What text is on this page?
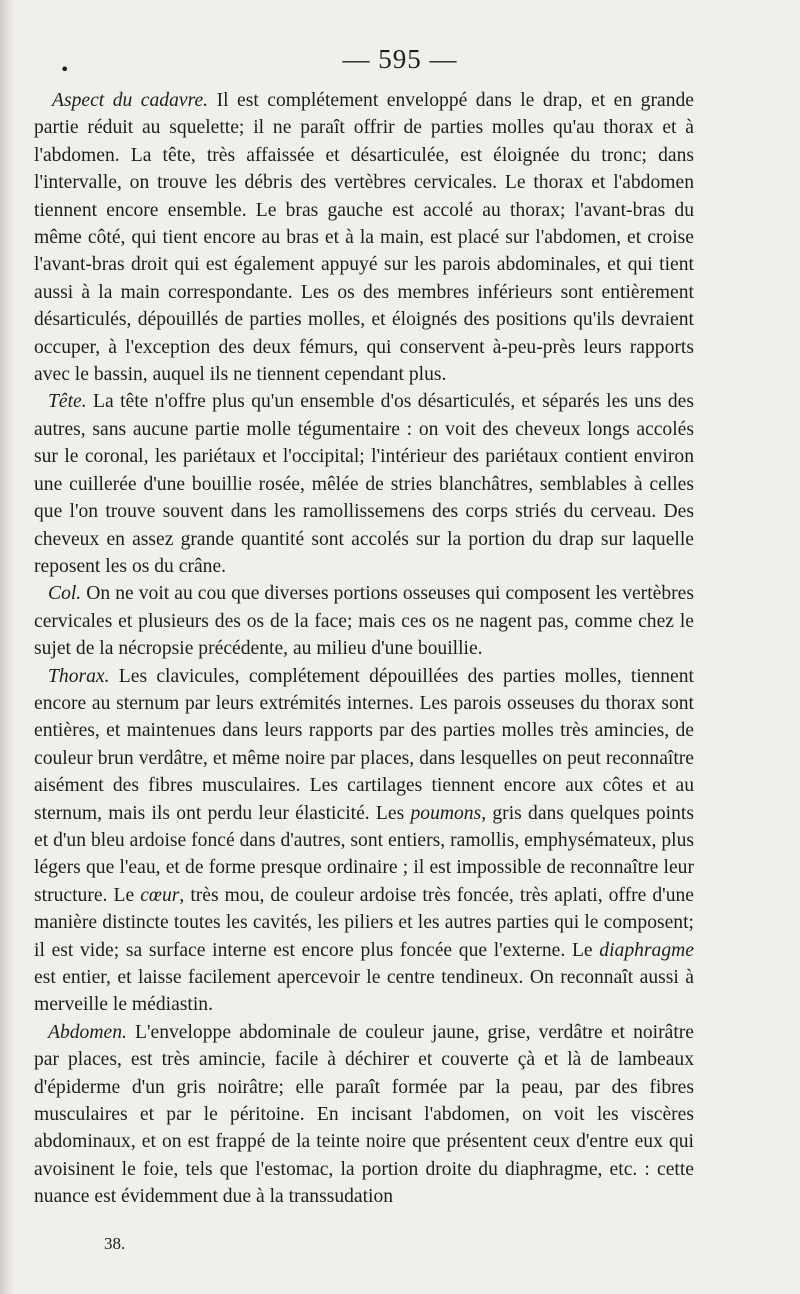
•	— 595 —

Aspect du cadavre. Il est complétement enveloppé dans le drap, et en grande partie réduit au squelette; il ne paraît offrir de parties molles qu'au thorax et à l'abdomen. La tête, très affaissée et désarticulée, est éloignée du tronc; dans l'intervalle, on trouve les débris des vertèbres cervicales. Le thorax et l'abdomen tiennent encore ensemble. Le bras gauche est accolé au thorax; l'avant-bras du même côté, qui tient encore au bras et à la main, est placé sur l'abdomen, et croise l'avant-bras droit qui est également appuyé sur les parois abdominales, et qui tient aussi à la main correspondante. Les os des membres inférieurs sont entièrement désarticulés, dépouillés de parties molles, et éloignés des positions qu'ils devraient occuper, à l'exception des deux fémurs, qui conservent à-peu-près leurs rapports avec le bassin, auquel ils ne tiennent cependant plus.

Tête. La tête n'offre plus qu'un ensemble d'os désarticulés, et séparés les uns des autres, sans aucune partie molle tégumentaire : on voit des cheveux longs accolés sur le coronal, les pariétaux et l'occipital; l'intérieur des pariétaux contient environ une cuillerée d'une bouillie rosée, mêlée de stries blanchâtres, semblables à celles que l'on trouve souvent dans les ramollissemens des corps striés du cerveau. Des cheveux en assez grande quantité sont accolés sur la portion du drap sur laquelle reposent les os du crâne.

Col. On ne voit au cou que diverses portions osseuses qui composent les vertèbres cervicales et plusieurs des os de la face; mais ces os ne nagent pas, comme chez le sujet de la nécropsie précédente, au milieu d'une bouillie.

Thorax. Les clavicules, complétement dépouillées des parties molles, tiennent encore au sternum par leurs extrémités internes. Les parois osseuses du thorax sont entières, et maintenues dans leurs rapports par des parties molles très amincies, de couleur brun verdâtre, et même noire par places, dans lesquelles on peut reconnaître aisément des fibres musculaires. Les cartilages tiennent encore aux côtes et au sternum, mais ils ont perdu leur élasticité. Les poumons, gris dans quelques points et d'un bleu ardoise foncé dans d'autres, sont entiers, ramollis, emphysémateux, plus légers que l'eau, et de forme presque ordinaire ; il est impossible de reconnaître leur structure. Le cœur, très mou, de couleur ardoise très foncée, très aplati, offre d'une manière distincte toutes les cavités, les piliers et les autres parties qui le composent; il est vide; sa surface interne est encore plus foncée que l'externe. Le diaphragme est entier, et laisse facilement apercevoir le centre tendineux. On reconnaît aussi à merveille le médiastin.

Abdomen. L'enveloppe abdominale de couleur jaune, grise, verdâtre et noirâtre par places, est très amincie, facile à déchirer et couverte çà et là de lambeaux d'épiderme d'un gris noirâtre; elle paraît formée par la peau, par des fibres musculaires et par le péritoine. En incisant l'abdomen, on voit les viscères abdominaux, et on est frappé de la teinte noire que présentent ceux d'entre eux qui avoisinent le foie, tels que l'estomac, la portion droite du diaphragme, etc. : cette nuance est évidemment due à la transsudation

38.
